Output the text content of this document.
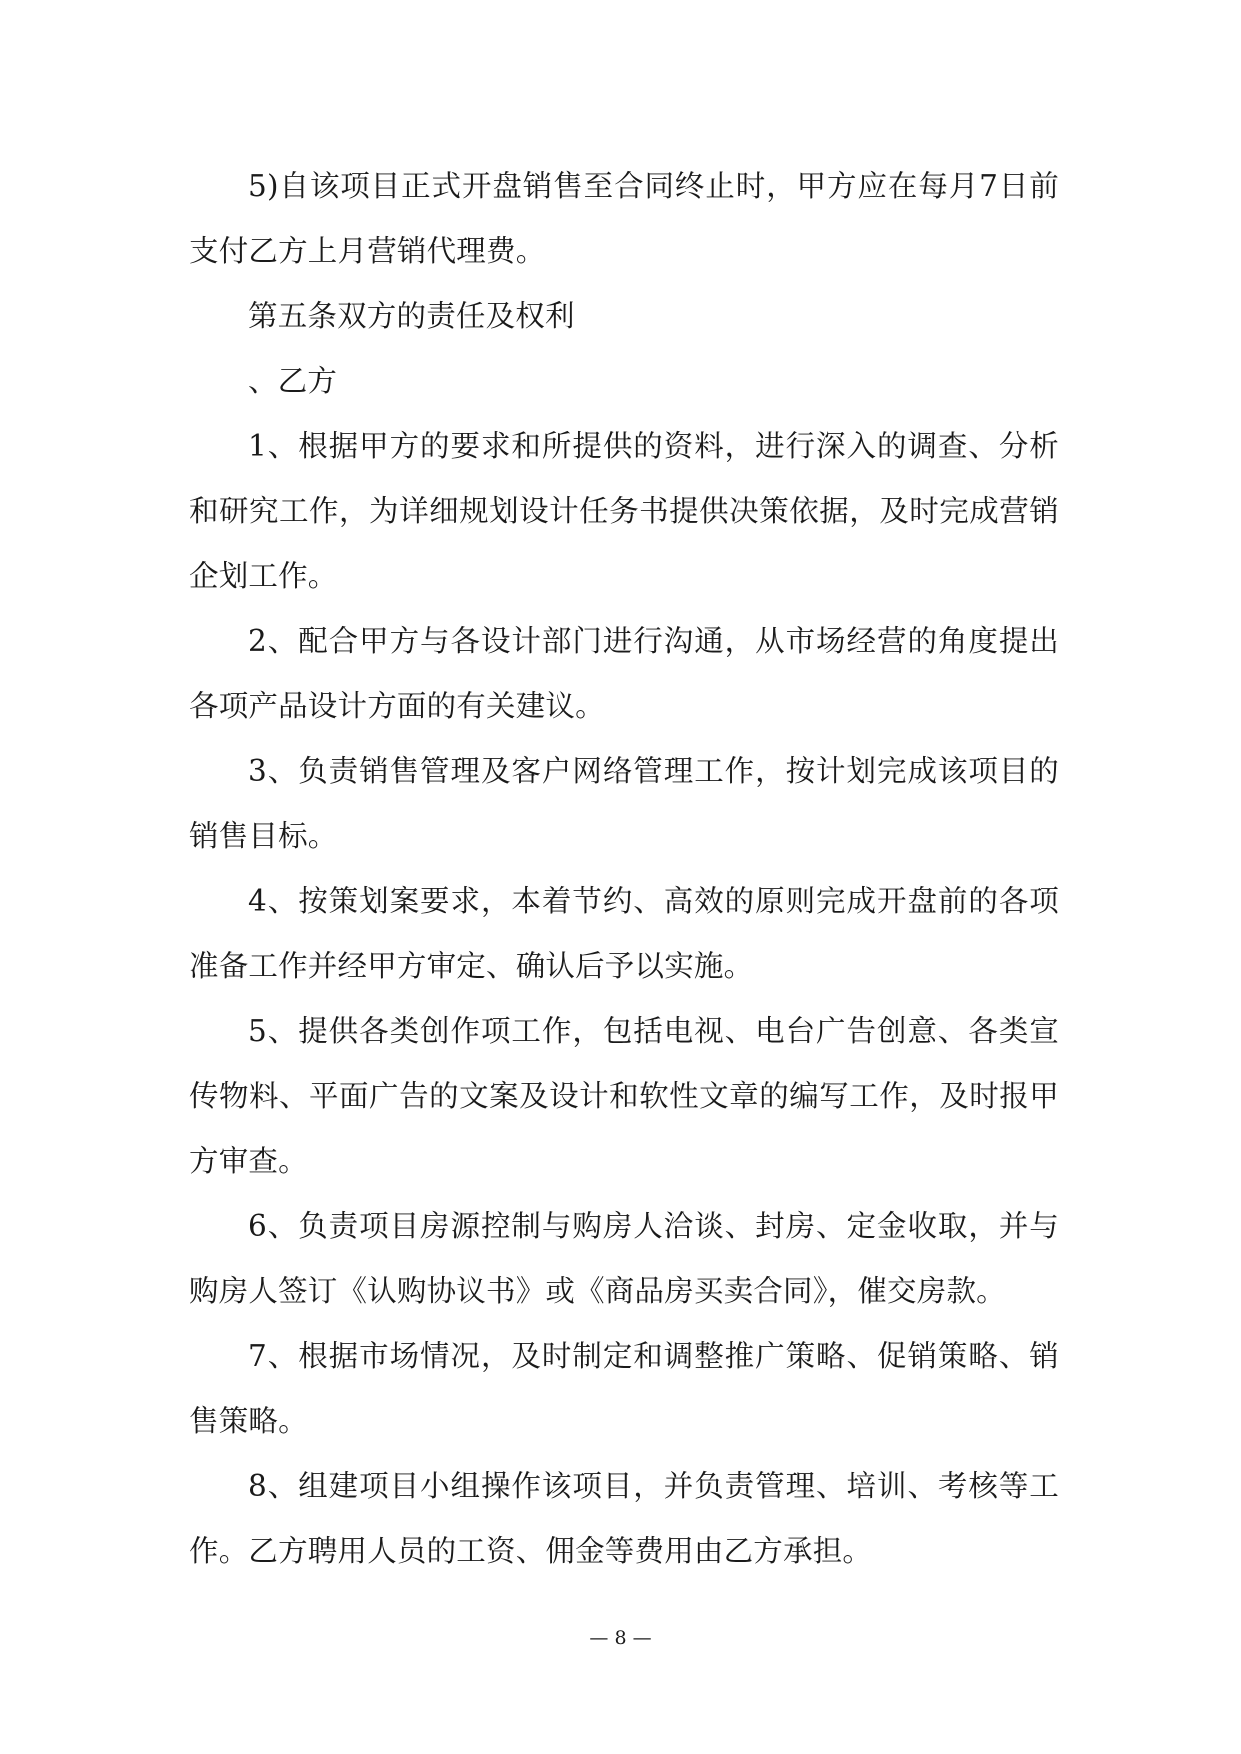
5)自该项目正式开盘销售至合同终止时，甲方应在每月7日前支付乙方上月营销代理费。

第五条双方的责任及权利

、乙方

1、根据甲方的要求和所提供的资料，进行深入的调查、分析和研究工作，为详细规划设计任务书提供决策依据，及时完成营销企划工作。

2、配合甲方与各设计部门进行沟通，从市场经营的角度提出各项产品设计方面的有关建议。

3、负责销售管理及客户网络管理工作，按计划完成该项目的销售目标。

4、按策划案要求，本着节约、高效的原则完成开盘前的各项准备工作并经甲方审定、确认后予以实施。

5、提供各类创作项工作，包括电视、电台广告创意、各类宣传物料、平面广告的文案及设计和软性文章的编写工作，及时报甲方审查。

6、负责项目房源控制与购房人洽谈、封房、定金收取，并与购房人签订《认购协议书》或《商品房买卖合同》，催交房款。

7、根据市场情况，及时制定和调整推广策略、促销策略、销售策略。

8、组建项目小组操作该项目，并负责管理、培训、考核等工作。乙方聘用人员的工资、佣金等费用由乙方承担。

— 8 —
